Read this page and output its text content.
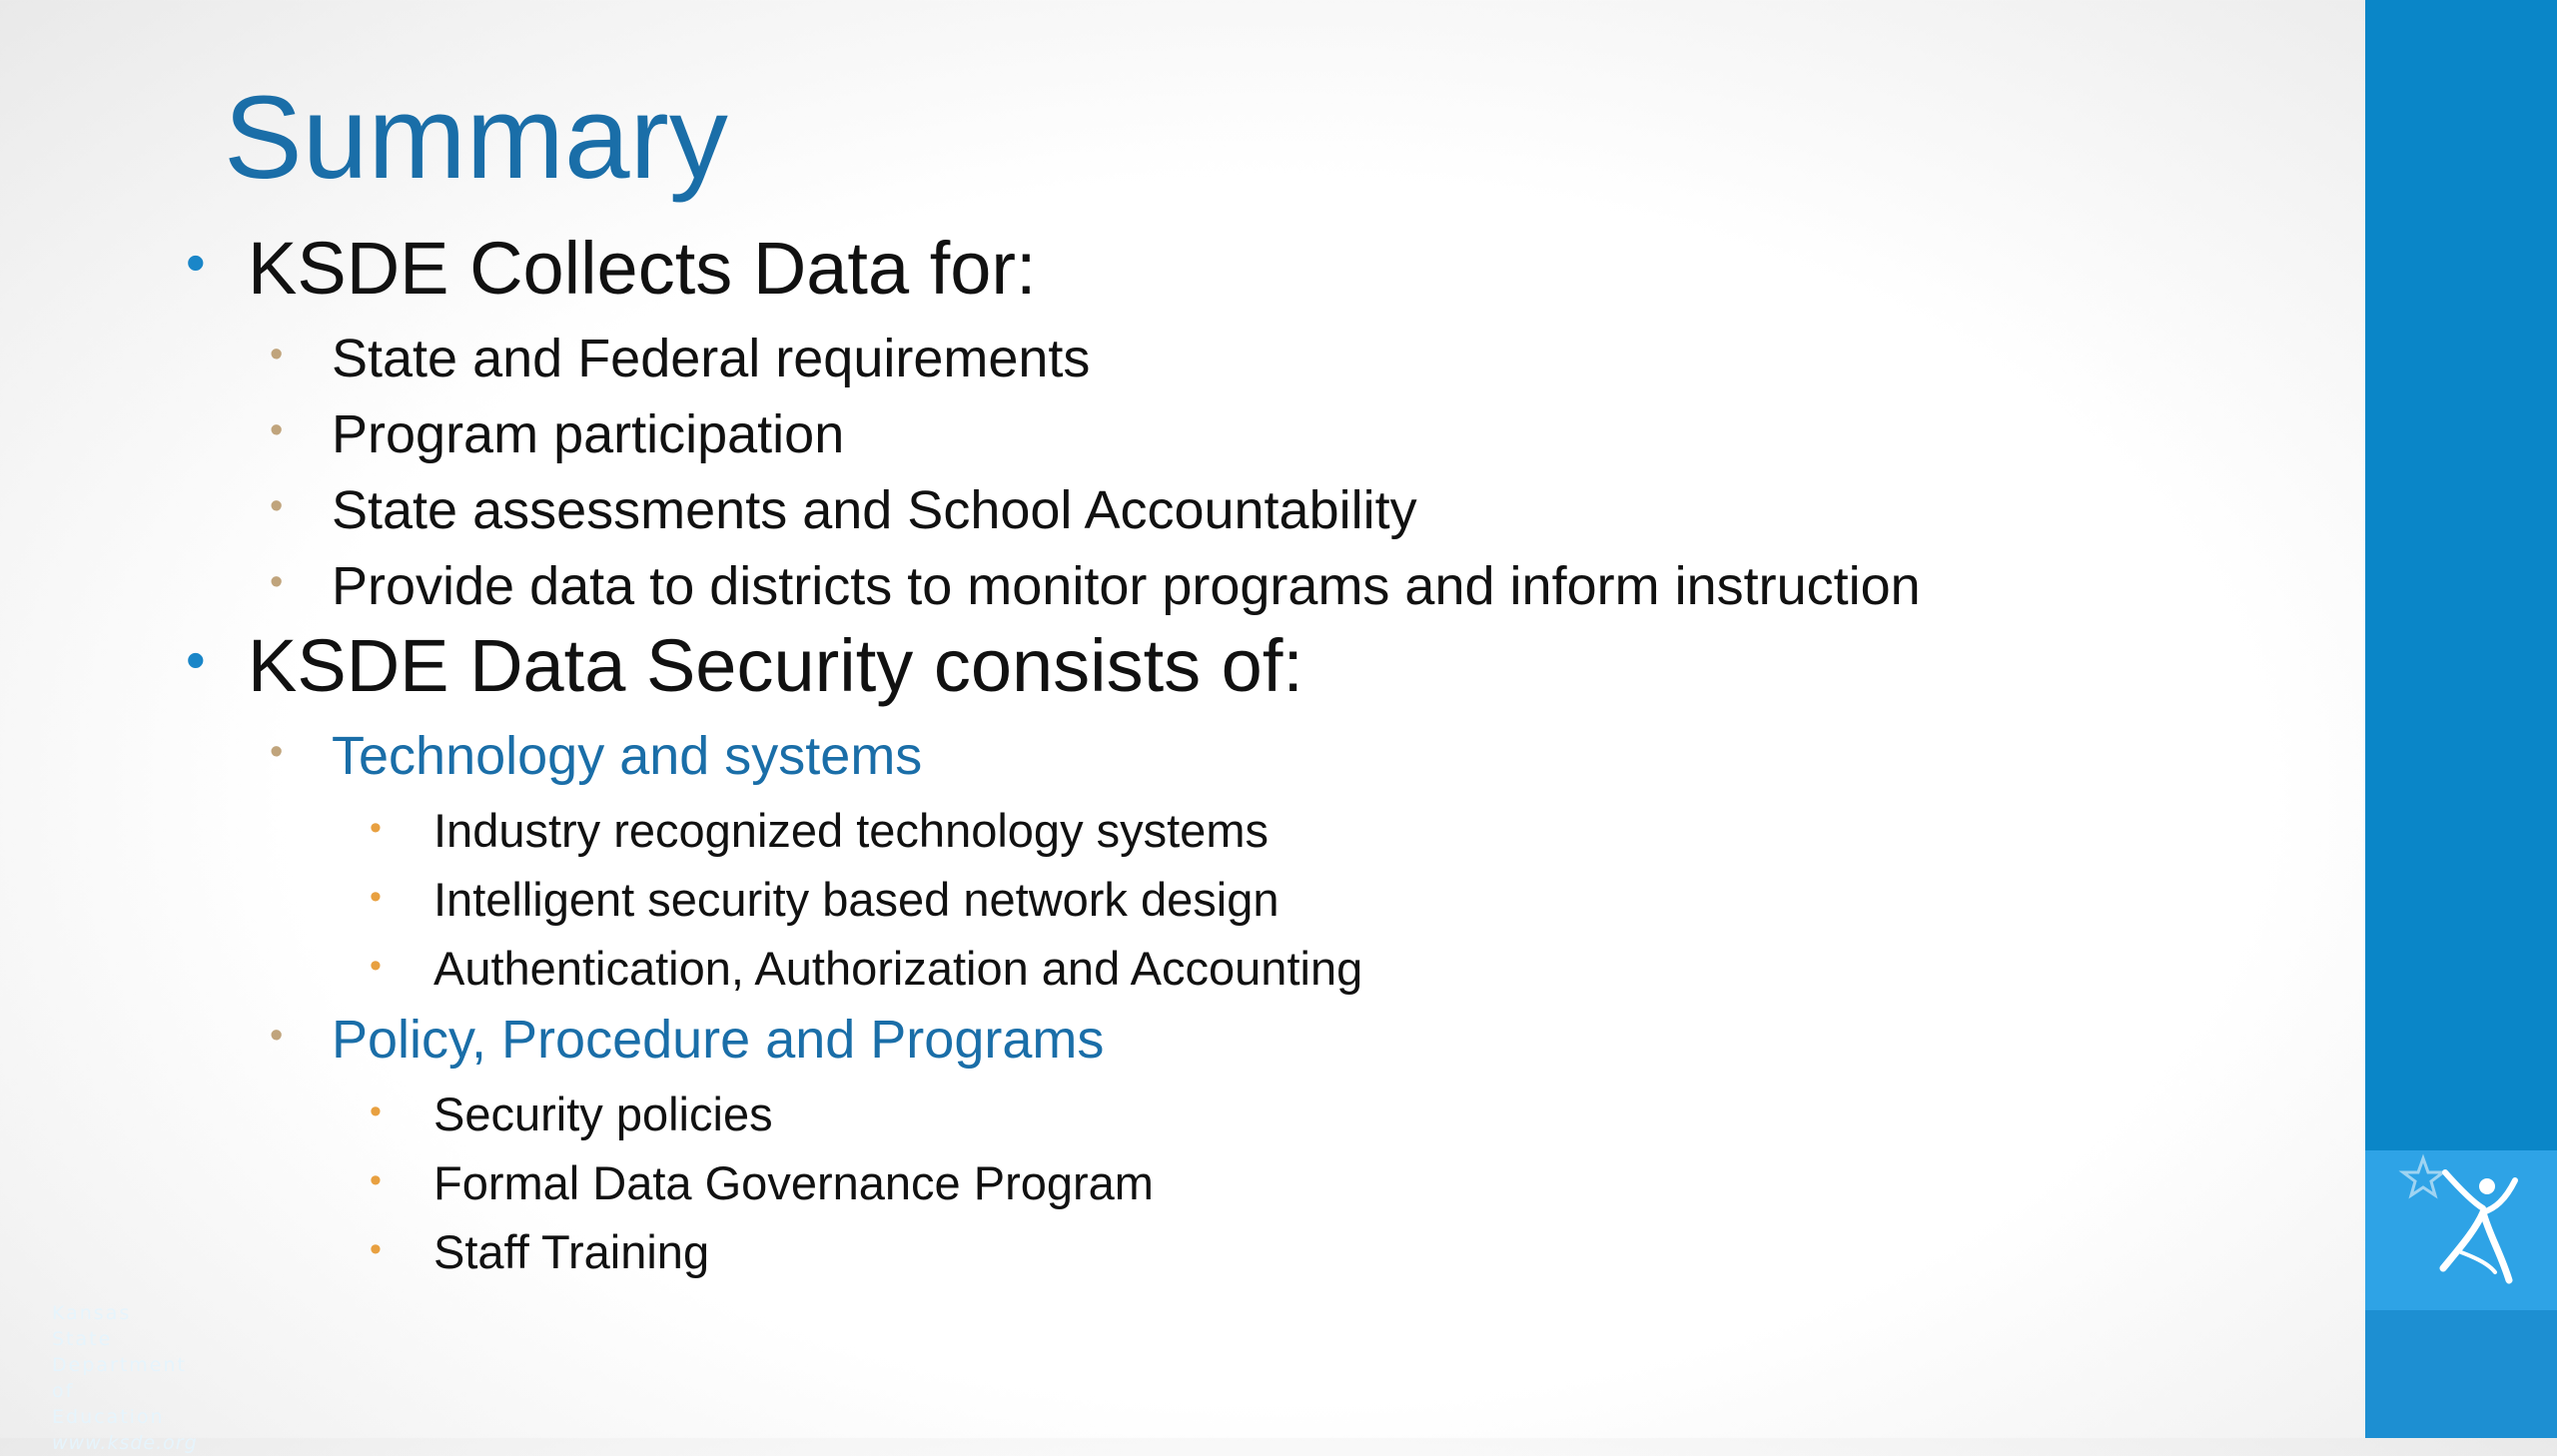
Summary
• KSDE Collects Data for:
• State and Federal requirements
• Program participation
• State assessments and School Accountability
• Provide data to districts to monitor programs and inform instruction
• KSDE Data Security consists of:
• Technology and systems
• Industry recognized technology systems
• Intelligent security based network design
• Authentication, Authorization and Accounting
• Policy, Procedure and Programs
• Security policies
• Formal Data Governance Program
• Staff Training
Kansas State
Department
of Education
www.ksde.org
